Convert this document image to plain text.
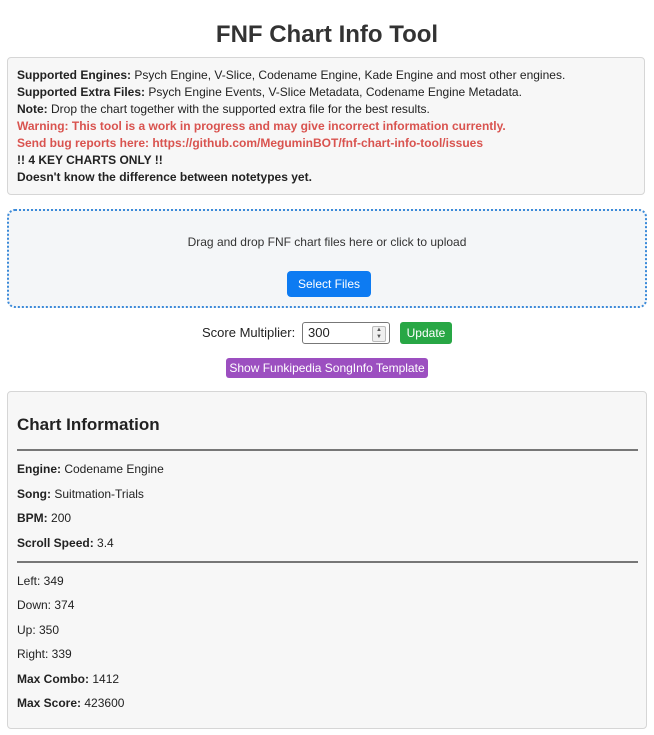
FNF Chart Info Tool
Supported Engines: Psych Engine, V-Slice, Codename Engine, Kade Engine and most other engines.
Supported Extra Files: Psych Engine Events, V-Slice Metadata, Codename Engine Metadata.
Note: Drop the chart together with the supported extra file for the best results.
Warning: This tool is a work in progress and may give incorrect information currently.
Send bug reports here: https://github.com/MeguminBOT/fnf-chart-info-tool/issues
!! 4 KEY CHARTS ONLY !!
Doesn't know the difference between notetypes yet.
Drag and drop FNF chart files here or click to upload
Select Files
Score Multiplier: 300	▲
▼	Update
Show Funkipedia SongInfo Template
Chart Information
Engine: Codename Engine
Song: Suitmation-Trials
BPM: 200
Scroll Speed: 3.4
Left: 349
Down: 374
Up: 350
Right: 339
Max Combo: 1412
Max Score: 423600
